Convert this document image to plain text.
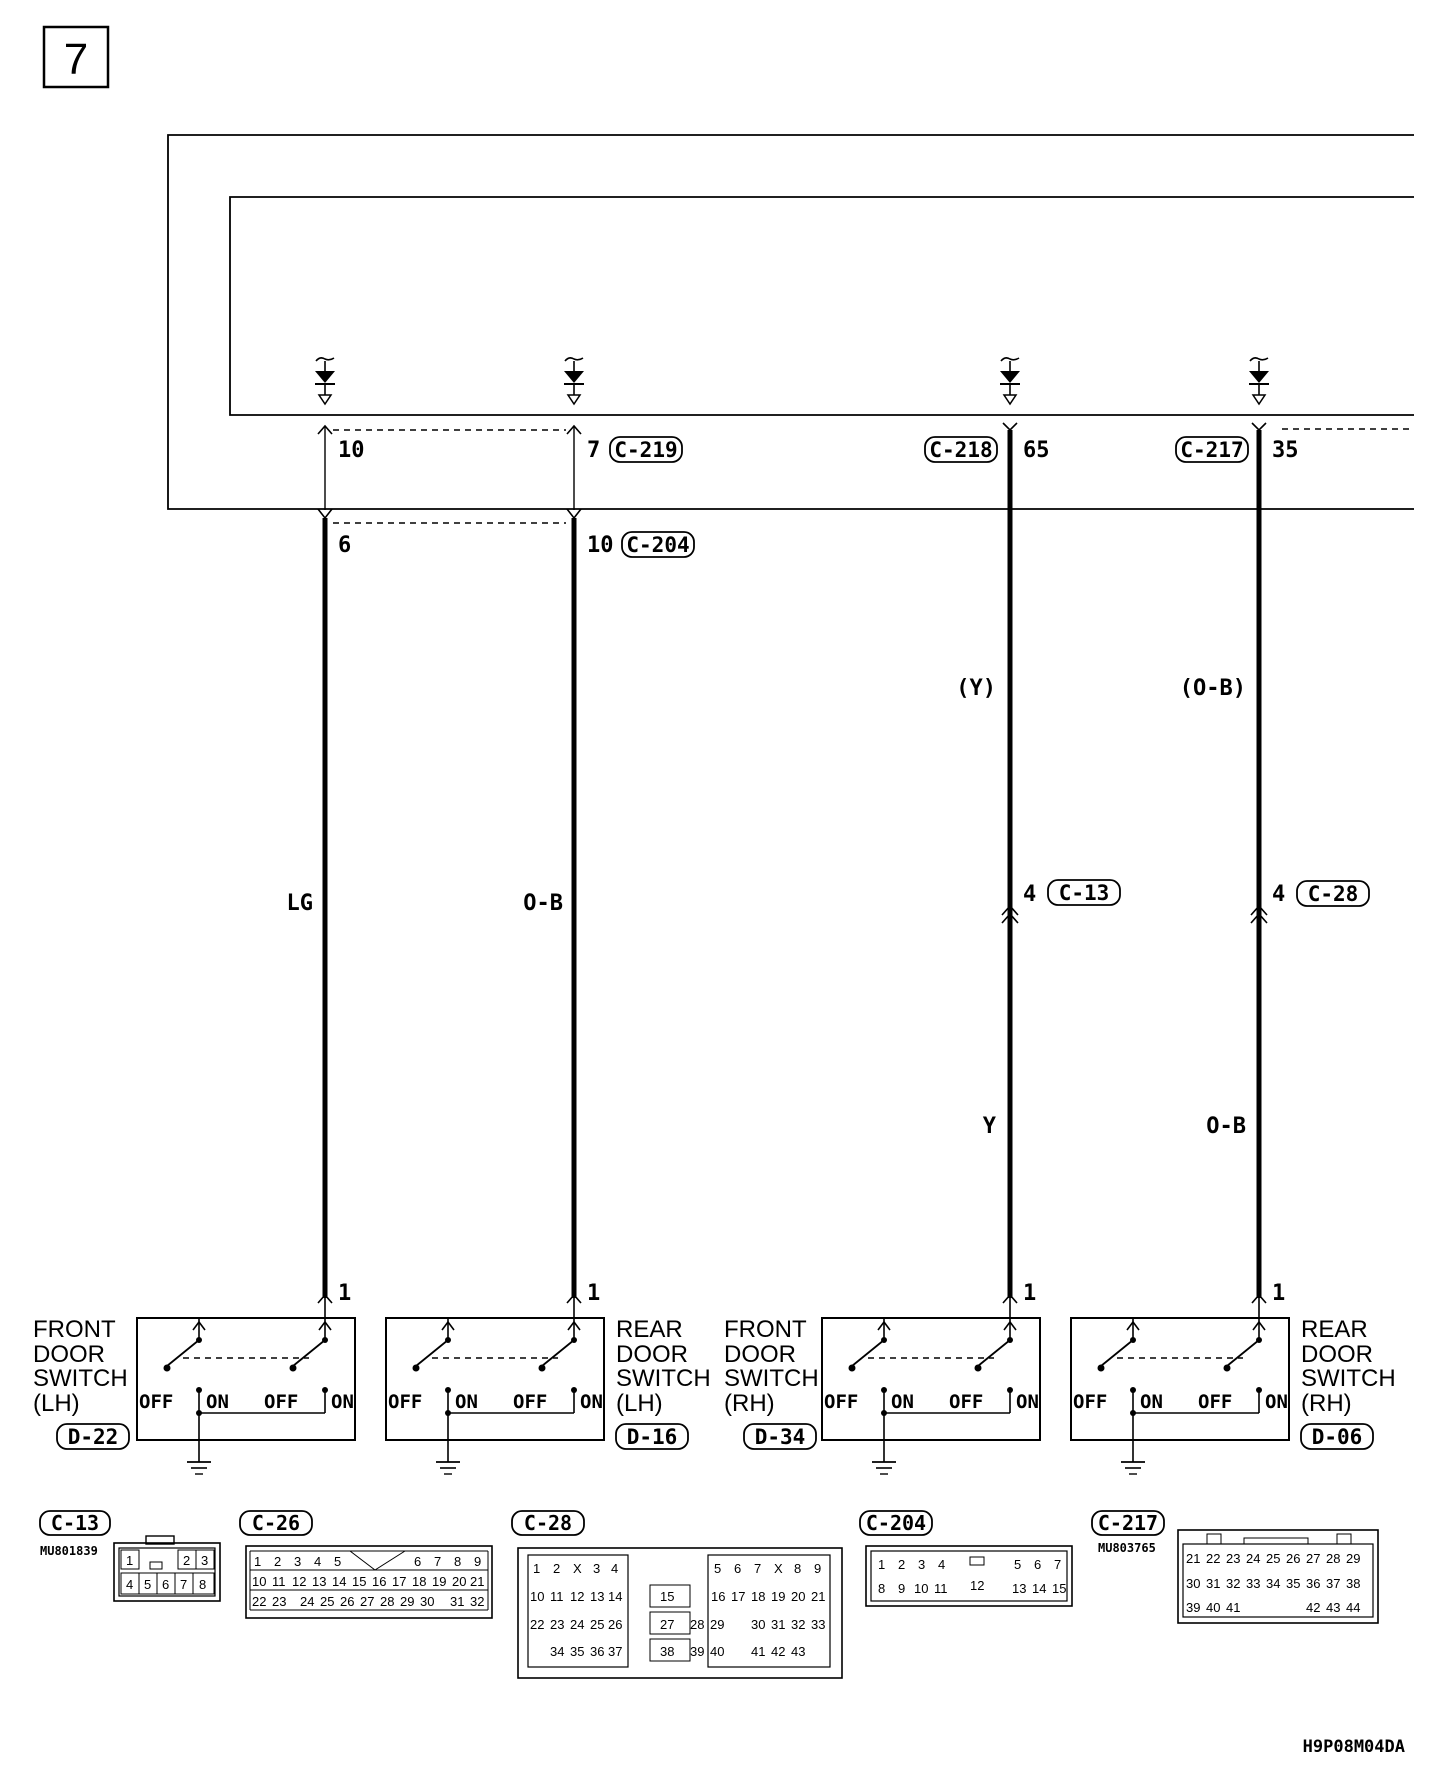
7
10
6
LG
1
7 C-219
10 C-204
O-B
1
C-218 65
(Y)
4 C-13
Y
1
C-217 35
(O-B)
4 C-28
O-B
1
OFF ON OFF ON OFF ON OFF ON	OFF ON OFF ON OFF ON OFF ON
FRONT
DOOR
SWITCH
(LH)
REAR
DOOR
SWITCH
(LH)
FRONT
DOOR
SWITCH
(RH)
REAR
DOOR
SWITCH
(RH)
D-22	D-16	D-34	D-06
C-13
MU801839
1	2 3
4 5 6 7 8
C-26
1 2 3 4 5	6 7 8 9
10 11 12 13 14 15 16 17 18 19 20 21
22 23 24 25 26 27 28 29 30 31 32
C-28
1 2 X 3 4	5 6 7 X 8 9
10 11 12 13 14	15	16 17 18 19 20 21
22 23 24 25 26	27 28 29 30 31 32 33
34 35 36 37	38 39 40 41 42 43
C-204
1 2 3 4	5 6 7
8 9 10 11 12 13 14 15
C-217
MU803765
21 22 23 24 25 26 27 28 29
30 31 32 33 34 35 36 37 38
39 40 41	42 43 44
H9P08M04DA
